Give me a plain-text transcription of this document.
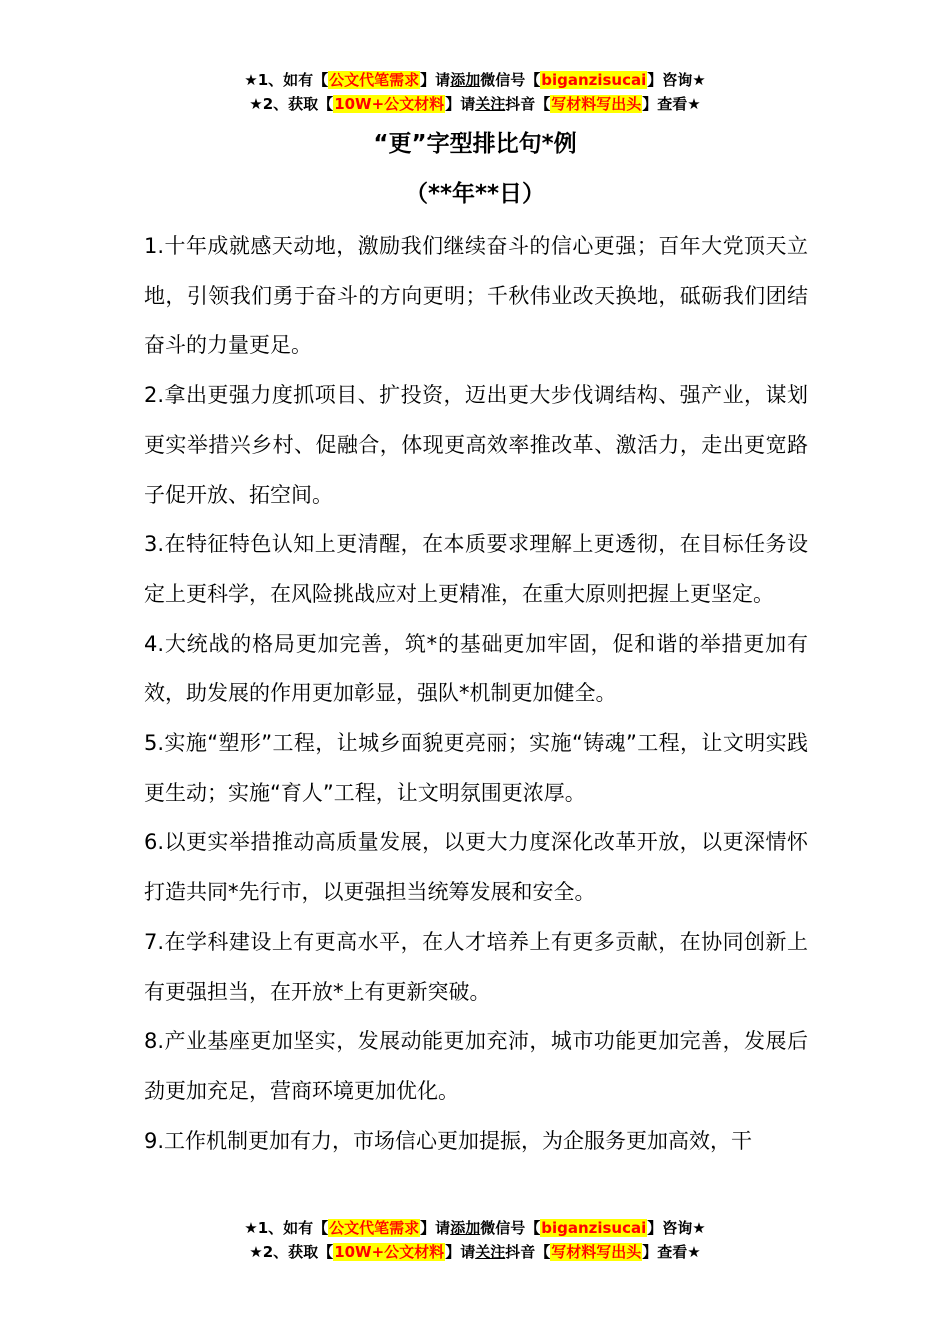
★1、如有【公文代笔需求】请添加微信号【biganzisucai】咨询★
★2、获取【10W+公文材料】请关注抖音【写材料写出头】查看★
“更”字型排比句*例
（**年**日）

1.十年成就感天动地，激励我们继续奋斗的信心更强；百年大党顶天立地，引领我们勇于奋斗的方向更明；千秋伟业改天换地，砥砺我们团结奋斗的力量更足。

2.拿出更强力度抓项目、扩投资，迈出更大步伐调结构、强产业，谋划更实举措兴乡村、促融合，体现更高效率推改革、激活力，走出更宽路子促开放、拓空间。

3.在特征特色认知上更清醒，在本质要求理解上更透彻，在目标任务设定上更科学，在风险挑战应对上更精准，在重大原则把握上更坚定。

4.大统战的格局更加完善，筑*的基础更加牢固，促和谐的举措更加有效，助发展的作用更加彰显，强队*机制更加健全。

5.实施“塑形”工程，让城乡面貌更亮丽；实施“铸魂”工程，让文明实践更生动；实施“育人”工程，让文明氛围更浓厚。

6.以更实举措推动高质量发展，以更大力度深化改革开放，以更深情怀打造共同*先行市，以更强担当统筹发展和安全。

7.在学科建设上有更高水平，在人才培养上有更多贡献，在协同创新上有更强担当，在开放*上有更新突破。

8.产业基座更加坚实，发展动能更加充沛，城市功能更加完善，发展后劲更加充足，营商环境更加优化。

9.工作机制更加有力，市场信心更加提振，为企服务更加高效，干

★1、如有【公文代笔需求】请添加微信号【biganzisucai】咨询★
★2、获取【10W+公文材料】请关注抖音【写材料写出头】查看★
